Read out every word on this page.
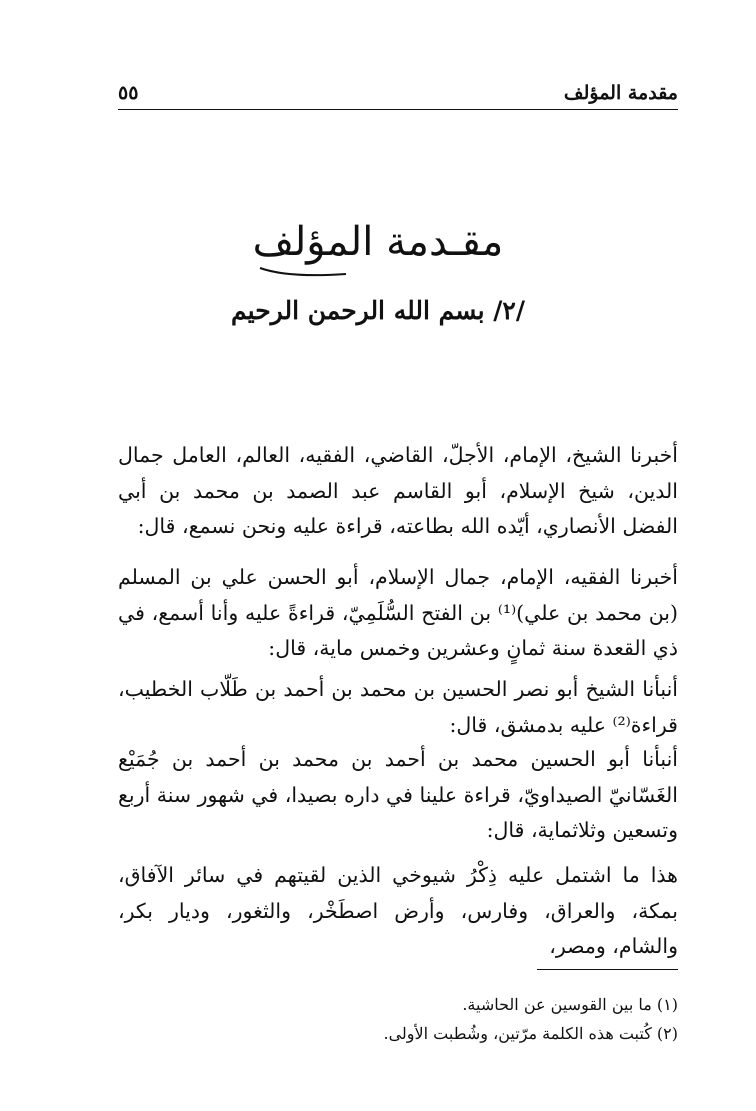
مقدمة المؤلف
٥٥
مقـدمة المؤلف
/٢/ بسم الله الرحمن الرحيم

أخبرنا الشيخ، الإمام، الأجلّ، القاضي، الفقيه، العالم، العامل جمال الدين، شيخ الإسلام، أبو القاسم عبد الصمد بن محمد بن أبي الفضل الأنصاري، أيّده الله بطاعته، قراءة عليه ونحن نسمع، قال:

أخبرنا الفقيه، الإمام، جمال الإسلام، أبو الحسن علي بن المسلم (بن محمد بن علي)⁽¹⁾ بن الفتح السُّلَمِيّ، قراءةً عليه وأنا أسمع، في ذي القعدة سنة ثمانٍ وعشرين وخمس ماية، قال:

أنبأنا الشيخ أبو نصر الحسين بن محمد بن أحمد بن طَلّاب الخطيب، قراءة⁽²⁾ عليه بدمشق، قال:

أنبأنا أبو الحسين محمد بن أحمد بن محمد بن أحمد بن جُمَيْع الغَسّانيّ الصيداويّ، قراءة علينا في داره بصيدا، في شهور سنة أربع وتسعين وثلاثماية، قال:

هذا ما اشتمل عليه ذِكْرُ شيوخي الذين لقيتهم في سائر الآفاق، بمكة، والعراق، وفارس، وأرض اصطَخْر، والثغور، وديار بكر، والشام، ومصر،

(١) ما بين القوسين عن الحاشية.

(٢) كُتبت هذه الكلمة مرّتين، وشُطبت الأولى.
